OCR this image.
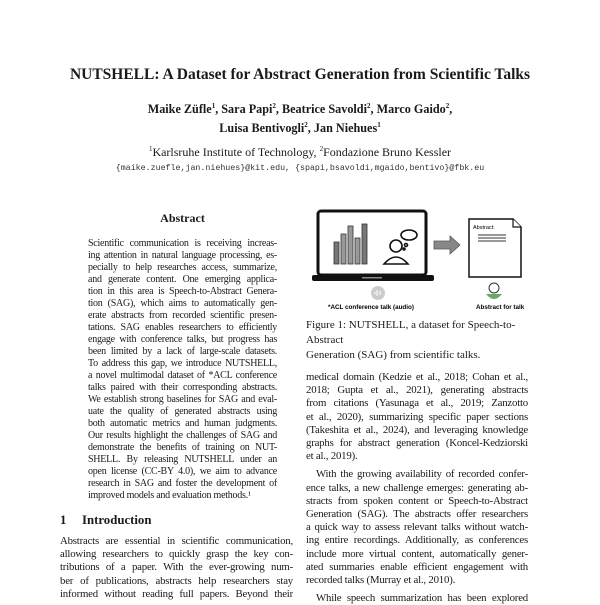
NUTSHELL: A Dataset for Abstract Generation from Scientific Talks
Maike Züfle$^1$, Sara Papi$^2$, Beatrice Savoldi$^2$, Marco Gaido$^2$,
Luisa Bentivogli$^2$, Jan Niehues$^1$
$^1$Karlsruhe Institute of Technology, $^2$Fondazione Bruno Kessler
{maike.zuefle,jan.niehues}@kit.edu, {spapi,bsavoldi,mgaido,bentivo}@fbk.eu
Abstract
Scientific communication is receiving increas-
ing attention in natural language processing, es-
pecially to help researches access, summarize,
and generate content. One emerging applica-
tion in this area is Speech-to-Abstract Genera-
tion (SAG), which aims to automatically gen-
erate abstracts from recorded scientific presen-
tations. SAG enables researchers to efficiently
engage with conference talks, but progress has
been limited by a lack of large-scale datasets.
To address this gap, we introduce NUTSHELL,
a novel multimodal dataset of *ACL conference
talks paired with their corresponding abstracts.
We establish strong baselines for SAG and eval-
uate the quality of generated abstracts using
both automatic metrics and human judgments.
Our results highlight the challenges of SAG and
demonstrate the benefits of training on NUT-
SHELL. By releasing NUTSHELL under an
open license (CC-BY 4.0), we aim to advance
research in SAG and foster the development of
improved models and evaluation methods.¹
1 Introduction
Abstracts are essential in scientific communication,
allowing researchers to quickly grasp the key con-
tributions of a paper. With the ever-growing num-
ber of publications, abstracts help researchers stay
informed without reading full papers. Beyond their
Abstract:
*ACL conference talk (audio)	Abstract for talk
Figure 1: NUTSHELL, a dataset for Speech-to-Abstract
Generation (SAG) from scientific talks.
medical domain (Kedzie et al., 2018; Cohan et al.,
2018; Gupta et al., 2021), generating abstracts
from citations (Yasunaga et al., 2019; Zanzotto
et al., 2020), summarizing specific paper sections
(Takeshita et al., 2024), and leveraging knowledge
graphs for abstract generation (Koncel-Kedziorski
et al., 2019).
With the growing availability of recorded confer-
ence talks, a new challenge emerges: generating ab-
stracts from spoken content or Speech-to-Abstract
Generation (SAG). The abstracts offer researchers
a quick way to assess relevant talks without watch-
ing entire recordings. Additionally, as conferences
include more virtual content, automatically gener-
ated summaries enable efficient engagement with
recorded talks (Murray et al., 2010).
While speech summarization has been explored
